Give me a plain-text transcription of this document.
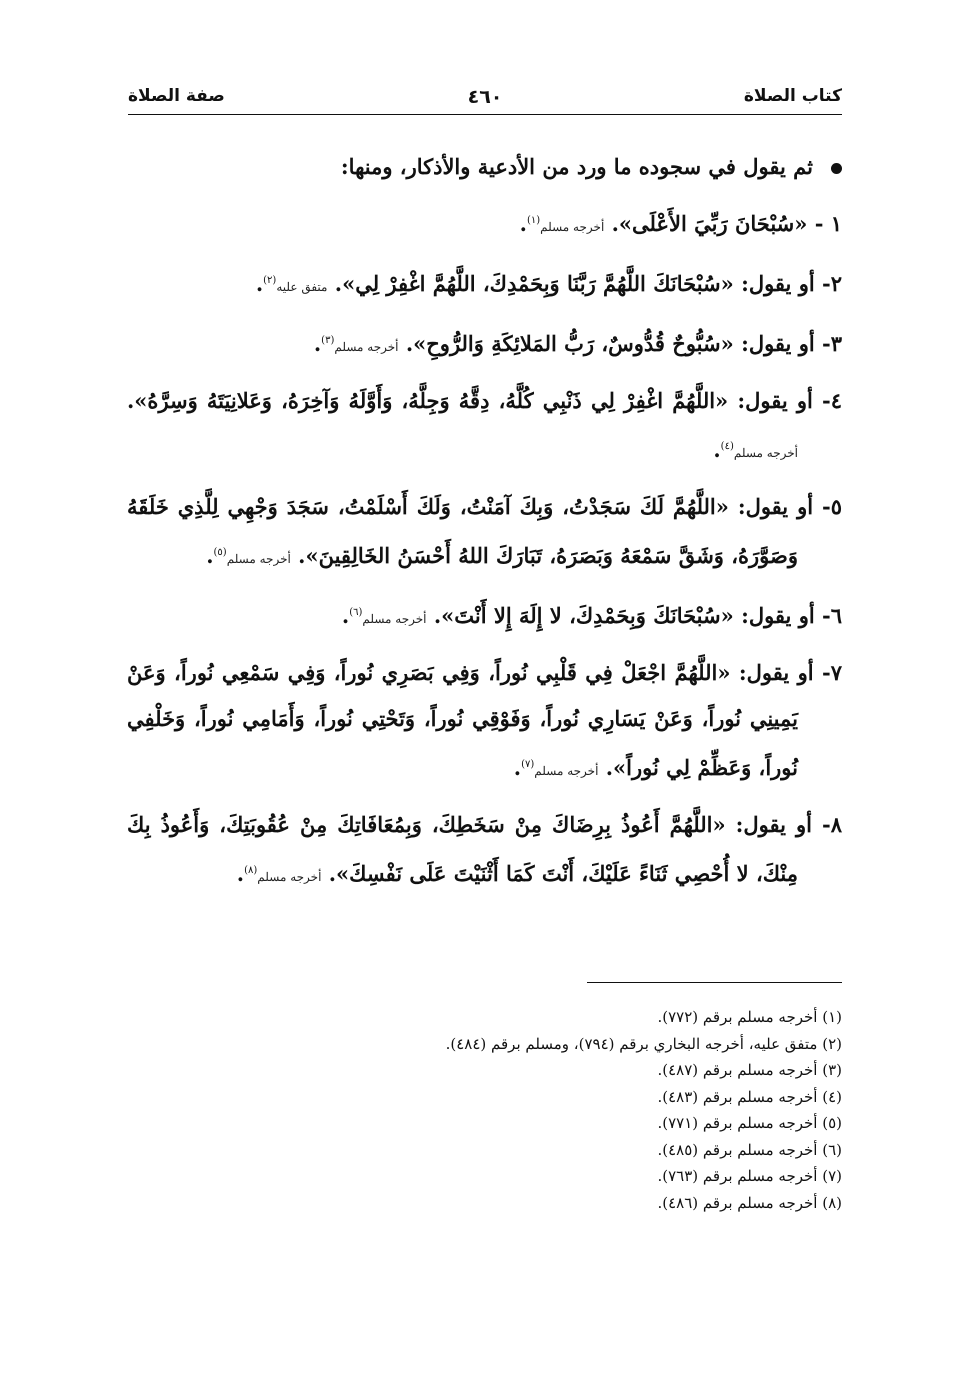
كتاب الصلاة
٤٦٠
صفة الصلاة

ثم يقول في سجوده ما ورد من الأدعية والأذكار، ومنها:

١ - «سُبْحَانَ رَبِّيَ الأَعْلَى». أخرجه مسلم$^{(١)}$.

٢- أو يقول: «سُبْحَانَكَ اللَّهُمَّ رَبَّنَا وَبِحَمْدِكَ، اللَّهُمَّ اغْفِرْ لِي». متفق عليه$^{(٢)}$.

٣- أو يقول: «سُبُّوحٌ قُدُّوسٌ، رَبُّ المَلائِكَةِ وَالرُّوحِ». أخرجه مسلم$^{(٣)}$.

٤- أو يقول: «اللَّهُمَّ اغْفِرْ لِي ذَنْبِي كُلَّهُ، دِقَّهُ وَجِلَّهُ، وَأَوَّلَهُ وَآخِرَهُ، وَعَلانِيَتَهُ وَسِرَّهُ». أخرجه مسلم$^{(٤)}$.

٥- أو يقول: «اللَّهُمَّ لَكَ سَجَدْتُ، وَبِكَ آمَنْتُ، وَلَكَ أَسْلَمْتُ، سَجَدَ وَجْهِي لِلَّذِي خَلَقَهُ وَصَوَّرَهُ، وَشَقَّ سَمْعَهُ وَبَصَرَهُ، تَبَارَكَ اللهُ أَحْسَنُ الخَالِقِينَ». أخرجه مسلم$^{(٥)}$.

٦- أو يقول: «سُبْحَانَكَ وَبِحَمْدِكَ، لا إِلَهَ إِلا أَنْتَ». أخرجه مسلم$^{(٦)}$.

٧- أو يقول: «اللَّهُمَّ اجْعَلْ فِي قَلْبِي نُوراً، وَفِي بَصَرِي نُوراً، وَفِي سَمْعِي نُوراً، وَعَنْ يَمِينِي نُوراً، وَعَنْ يَسَارِي نُوراً، وَفَوْقِي نُوراً، وَتَحْتِي نُوراً، وَأَمَامِي نُوراً، وَخَلْفِي نُوراً، وَعَظِّمْ لِي نُوراً». أخرجه مسلم$^{(٧)}$.

٨- أو يقول: «اللَّهُمَّ أَعُوذُ بِرِضَاكَ مِنْ سَخَطِكَ، وَبِمُعَافَاتِكَ مِنْ عُقُوبَتِكَ، وَأَعُوذُ بِكَ مِنْكَ، لا أُحْصِي ثَنَاءً عَلَيْكَ، أَنْتَ كَمَا أَثْنَيْتَ عَلَى نَفْسِكَ». أخرجه مسلم$^{(٨)}$.

(١) أخرجه مسلم برقم (٧٧٢).
(٢) متفق عليه، أخرجه البخاري برقم (٧٩٤)، ومسلم برقم (٤٨٤).
(٣) أخرجه مسلم برقم (٤٨٧).
(٤) أخرجه مسلم برقم (٤٨٣).
(٥) أخرجه مسلم برقم (٧٧١).
(٦) أخرجه مسلم برقم (٤٨٥).
(٧) أخرجه مسلم برقم (٧٦٣).
(٨) أخرجه مسلم برقم (٤٨٦).
